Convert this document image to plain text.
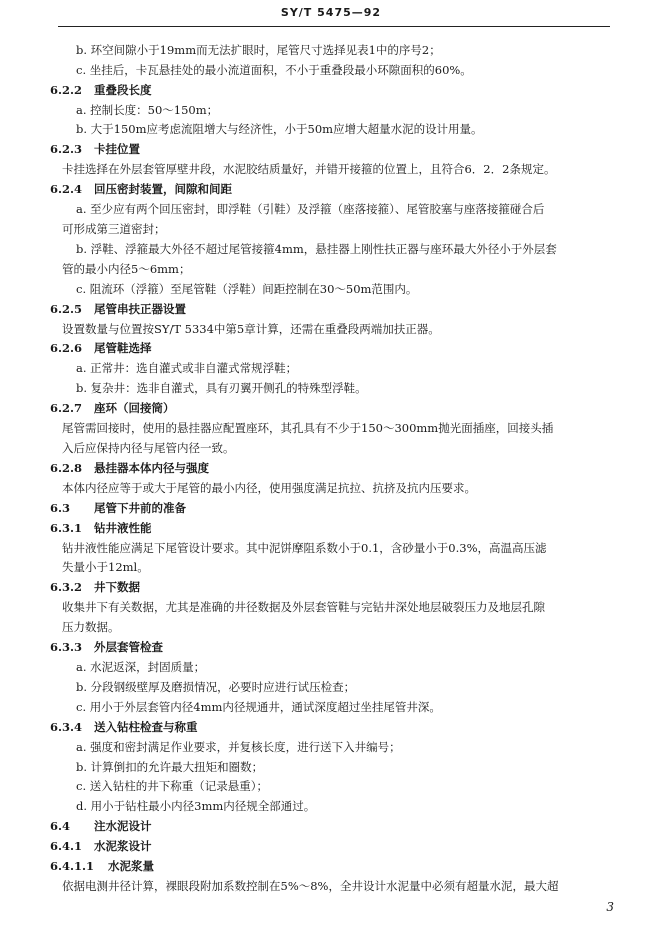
SY/T 5475—92
b. 环空间隙小于19mm而无法扩眼时，尾管尺寸选择见表1中的序号2；
c. 坐挂后，卡瓦悬挂处的最小流道面积，不小于重叠段最小环隙面积的60%。
6.2.2 重叠段长度
a. 控制长度：50～150m；
b. 大于150m应考虑流阻增大与经济性，小于50m应增大超量水泥的设计用量。
6.2.3 卡挂位置
卡挂选择在外层套管厚壁井段，水泥胶结质量好，并错开接箍的位置上，且符合6．2．2条规定。
6.2.4 回压密封装置，间隙和间距
a. 至少应有两个回压密封，即浮鞋（引鞋）及浮箍（座落接箍）、尾管胶塞与座落接箍碰合后
可形成第三道密封；
b. 浮鞋、浮箍最大外径不超过尾管接箍4mm，悬挂器上刚性扶正器与座环最大外径小于外层套
管的最小内径5～6mm；
c. 阻流环（浮箍）至尾管鞋（浮鞋）间距控制在30～50m范围内。
6.2.5 尾管串扶正器设置
设置数量与位置按SY/T 5334中第5章计算，还需在重叠段两端加扶正器。
6.2.6 尾管鞋选择
a. 正常井：选自灌式或非自灌式常规浮鞋；
b. 复杂井：选非自灌式，具有刃翼开侧孔的特殊型浮鞋。
6.2.7 座环（回接筒）
尾管需回接时，使用的悬挂器应配置座环，其孔具有不少于150～300mm抛光面插座，回接头插
入后应保持内径与尾管内径一致。
6.2.8 悬挂器本体内径与强度
本体内径应等于或大于尾管的最小内径，使用强度满足抗拉、抗挤及抗内压要求。
6.3 尾管下井前的准备
6.3.1 钻井液性能
钻井液性能应满足下尾管设计要求。其中泥饼摩阻系数小于0.1，含砂量小于0.3%，高温高压滤
失量小于12ml。
6.3.2 井下数据
收集井下有关数据，尤其是准确的井径数据及外层套管鞋与完钻井深处地层破裂压力及地层孔隙
压力数据。
6.3.3 外层套管检查
a. 水泥返深，封固质量；
b. 分段钢级壁厚及磨损情况，必要时应进行试压检查；
c. 用小于外层套管内径4mm内径规通井，通试深度超过坐挂尾管井深。
6.3.4 送入钻柱检查与称重
a. 强度和密封满足作业要求，并复核长度，进行送下入井编号；
b. 计算倒扣的允许最大扭矩和圈数；
c. 送入钻柱的井下称重（记录悬重）；
d. 用小于钻柱最小内径3mm内径规全部通过。
6.4 注水泥设计
6.4.1 水泥浆设计
6.4.1.1 水泥浆量
依据电测井径计算，裸眼段附加系数控制在5%～8%，全井设计水泥量中必须有超量水泥，最大超
3
